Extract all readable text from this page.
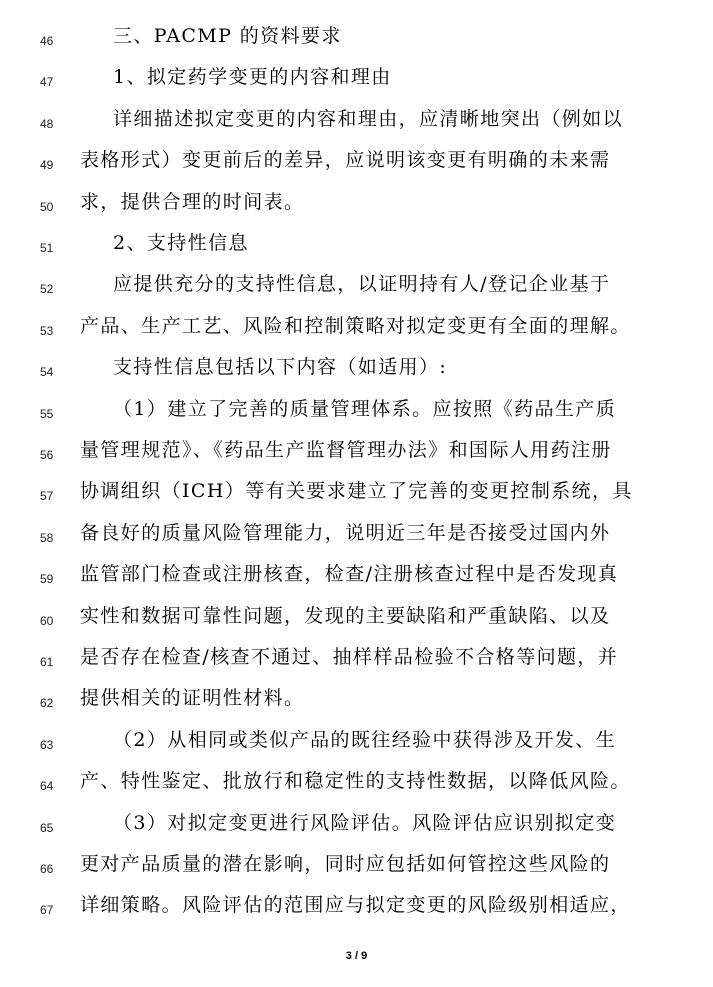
46	三、PACMP 的资料要求
47	1、拟定药学变更的内容和理由
48	详细描述拟定变更的内容和理由，应清晰地突出（例如以
49	表格形式）变更前后的差异，应说明该变更有明确的未来需
50	求，提供合理的时间表。
51	2、支持性信息
52	应提供充分的支持性信息，以证明持有人/登记企业基于
53	产品、生产工艺、风险和控制策略对拟定变更有全面的理解。
54	支持性信息包括以下内容（如适用）:
55	（1）建立了完善的质量管理体系。应按照《药品生产质
56	量管理规范》、《药品生产监督管理办法》和国际人用药注册
57	协调组织（ICH）等有关要求建立了完善的变更控制系统，具
58	备良好的质量风险管理能力，说明近三年是否接受过国内外
59	监管部门检查或注册核查，检查/注册核查过程中是否发现真
60	实性和数据可靠性问题，发现的主要缺陷和严重缺陷、以及
61	是否存在检查/核查不通过、抽样样品检验不合格等问题，并
62	提供相关的证明性材料。
63	（2）从相同或类似产品的既往经验中获得涉及开发、生
64	产、特性鉴定、批放行和稳定性的支持性数据，以降低风险。
65	（3）对拟定变更进行风险评估。风险评估应识别拟定变
66	更对产品质量的潜在影响，同时应包括如何管控这些风险的
67	详细策略。风险评估的范围应与拟定变更的风险级别相适应，
3 / 9
